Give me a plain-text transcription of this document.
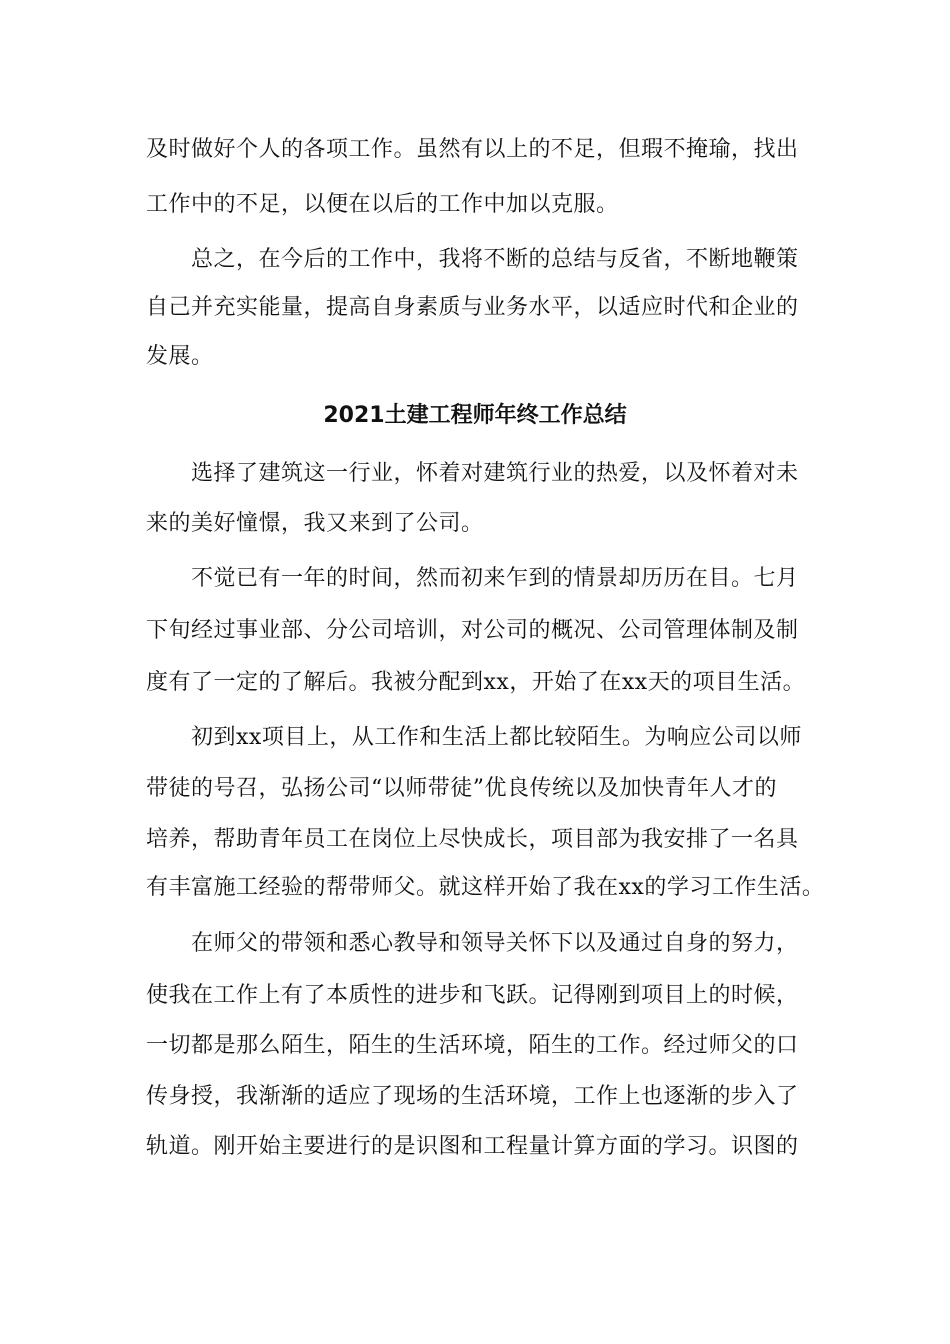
及时做好个人的各项工作。虽然有以上的不足，但瑕不掩瑜，找出
工作中的不足，以便在以后的工作中加以克服。
　　总之，在今后的工作中，我将不断的总结与反省，不断地鞭策
自己并充实能量，提高自身素质与业务水平，以适应时代和企业的
发展。
2021土建工程师年终工作总结
　　选择了建筑这一行业，怀着对建筑行业的热爱，以及怀着对未
来的美好憧憬，我又来到了公司。
　　不觉已有一年的时间，然而初来乍到的情景却历历在目。七月
下旬经过事业部、分公司培训，对公司的概况、公司管理体制及制
度有了一定的了解后。我被分配到xx，开始了在xx天的项目生活。
　　初到xx项目上，从工作和生活上都比较陌生。为响应公司以师
带徒的号召，弘扬公司“以师带徒”优良传统以及加快青年人才的
培养，帮助青年员工在岗位上尽快成长，项目部为我安排了一名具
有丰富施工经验的帮带师父。就这样开始了我在xx的学习工作生活。
　　在师父的带领和悉心教导和领导关怀下以及通过自身的努力，
使我在工作上有了本质性的进步和飞跃。记得刚到项目上的时候，
一切都是那么陌生，陌生的生活环境，陌生的工作。经过师父的口
传身授，我渐渐的适应了现场的生活环境，工作上也逐渐的步入了
轨道。刚开始主要进行的是识图和工程量计算方面的学习。识图的
